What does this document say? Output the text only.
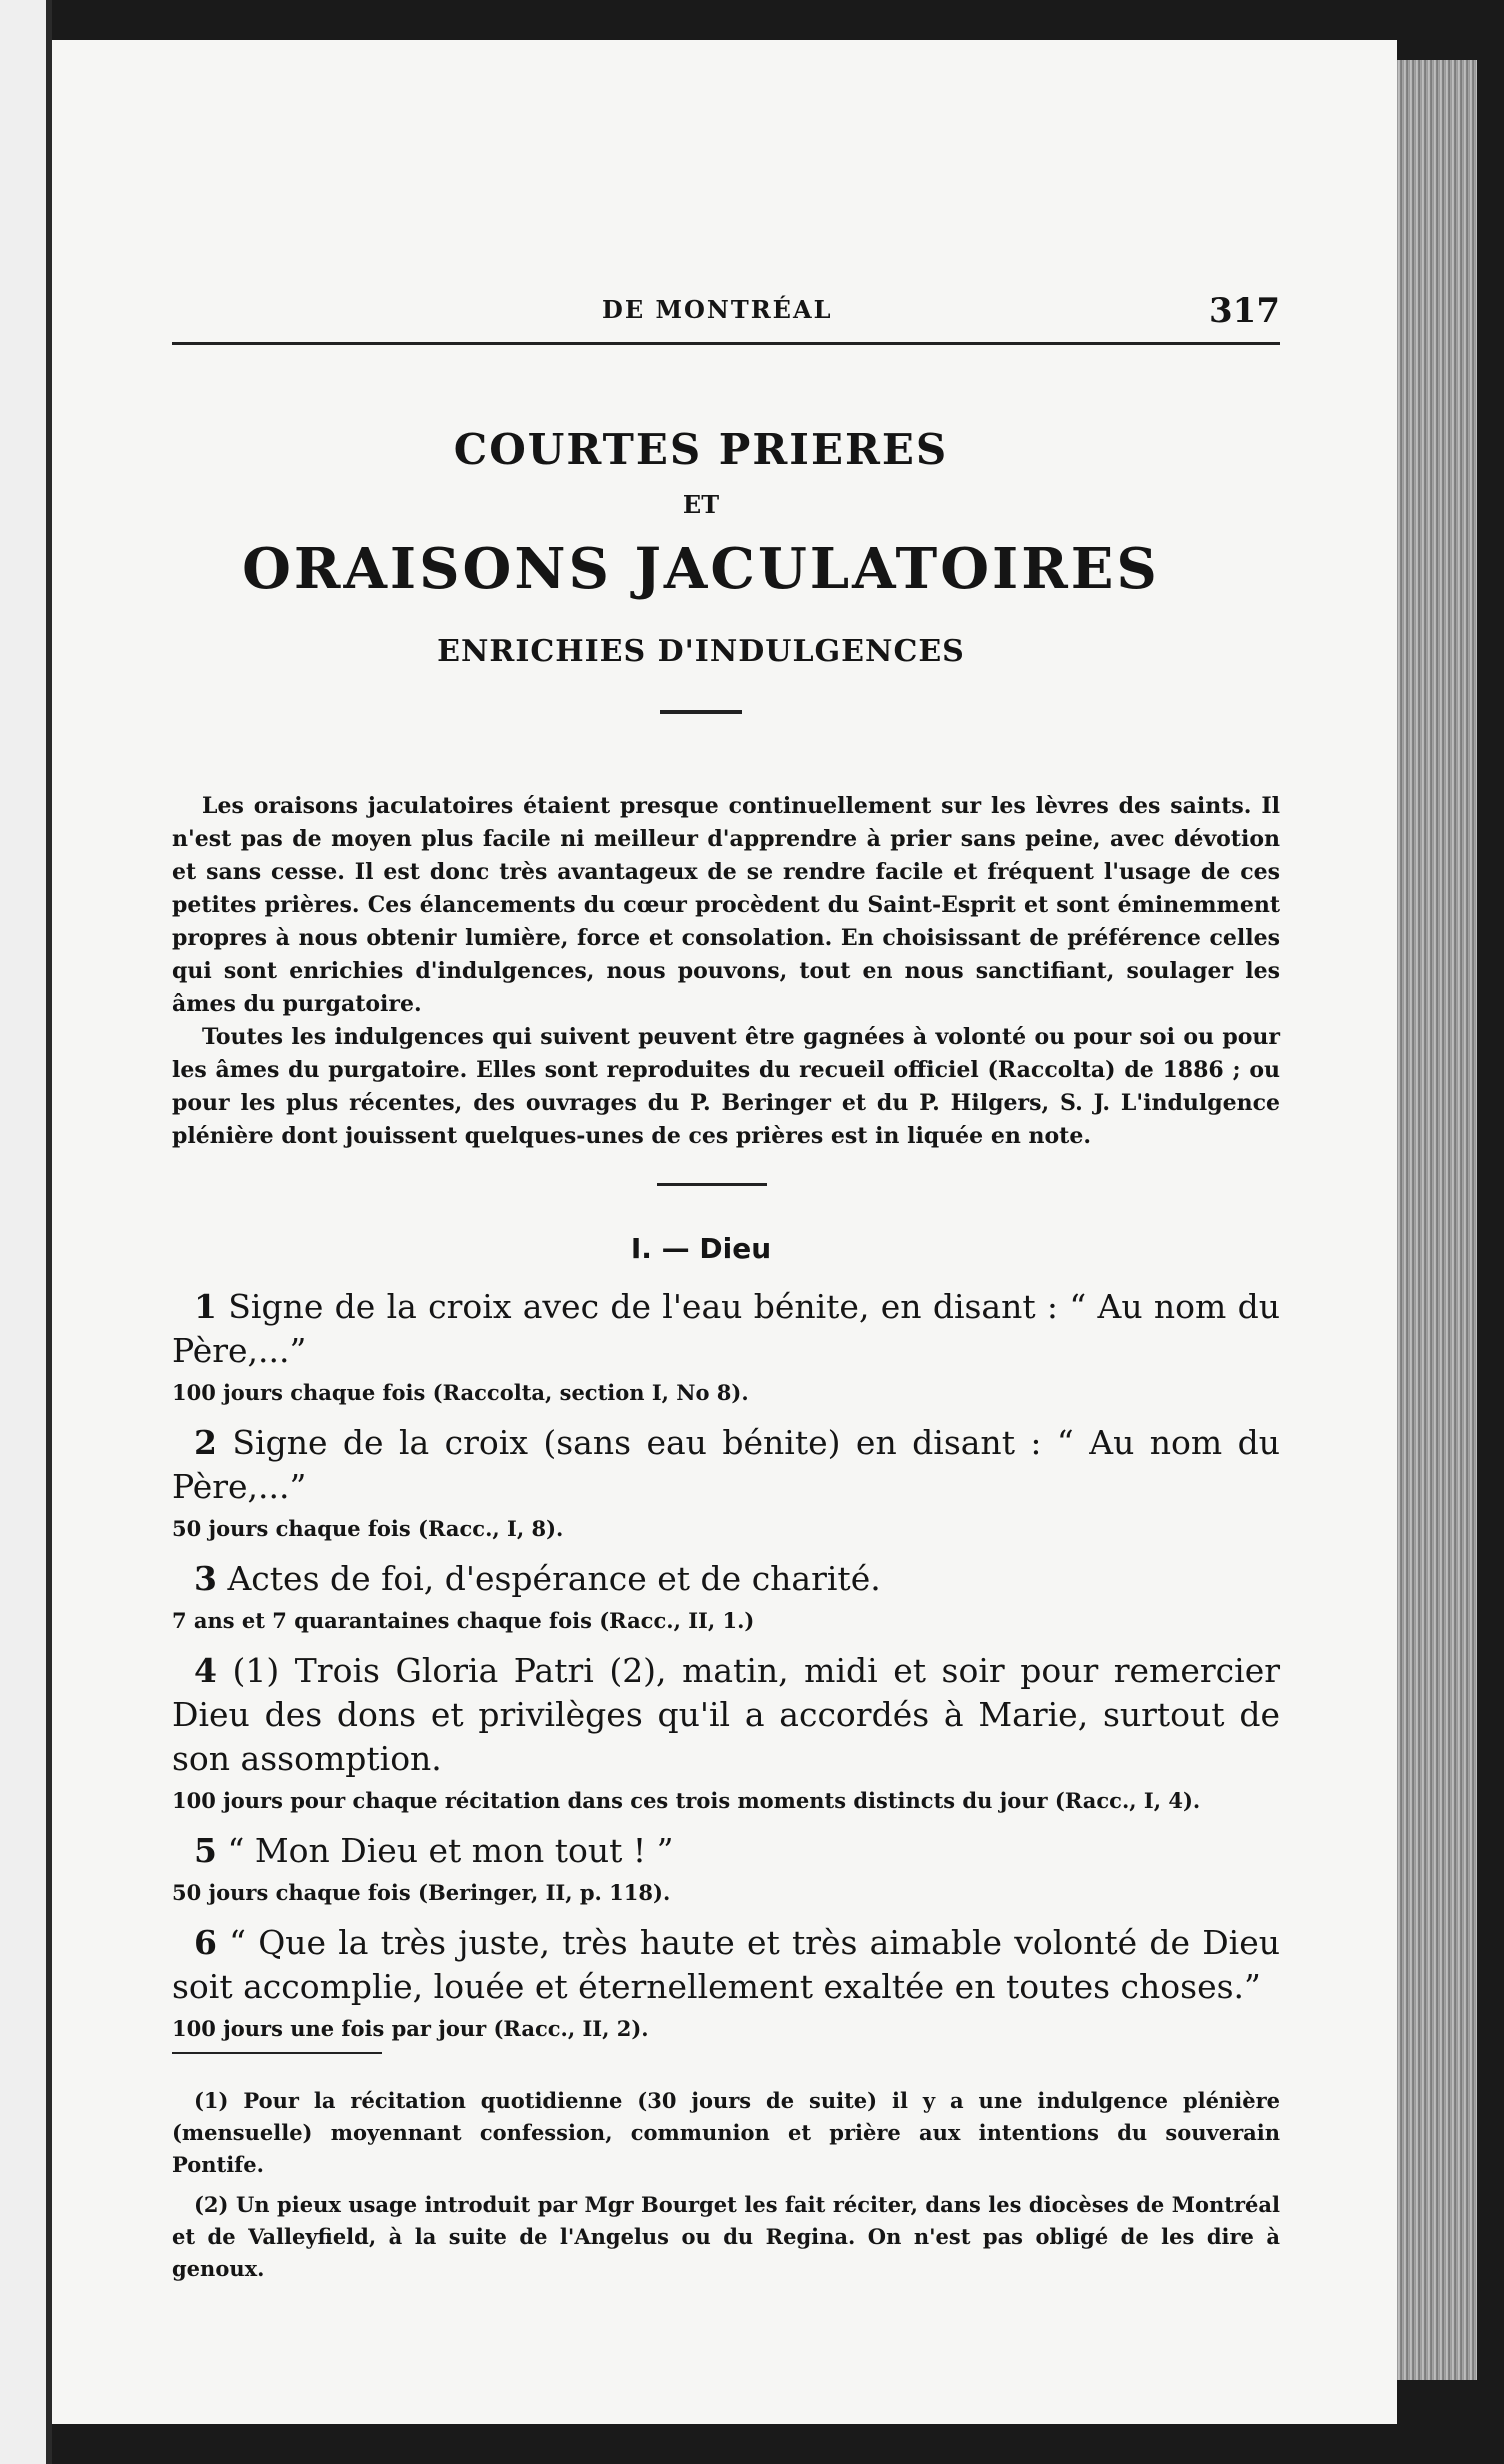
DE MONTRÉAL	317
COURTES PRIERES

ET

ORAISONS JACULATOIRES

ENRICHIES D'INDULGENCES

Les oraisons jaculatoires étaient presque continuellement sur les lèvres des saints. Il n'est pas de moyen plus facile ni meilleur d'apprendre à prier sans peine, avec dévotion et sans cesse. Il est donc très avantageux de se rendre facile et fréquent l'usage de ces petites prières. Ces élancements du cœur procèdent du Saint-Esprit et sont éminemment propres à nous obtenir lumière, force et consolation. En choisissant de préférence celles qui sont enrichies d'indulgences, nous pouvons, tout en nous sanctifiant, soulager les âmes du purgatoire.

Toutes les indulgences qui suivent peuvent être gagnées à volonté ou pour soi ou pour les âmes du purgatoire. Elles sont reproduites du recueil officiel (Raccolta) de 1886 ; ou pour les plus récentes, des ouvrages du P. Beringer et du P. Hilgers, S. J. L'indulgence plénière dont jouissent quelques-unes de ces prières est in liquée en note.

I. — Dieu

1 Signe de la croix avec de l'eau bénite, en disant : “ Au nom du Père,...”

100 jours chaque fois (Raccolta, section I, No 8).

2 Signe de la croix (sans eau bénite) en disant : “ Au nom du Père,...”

50 jours chaque fois (Racc., I, 8).

3 Actes de foi, d'espérance et de charité.

7 ans et 7 quarantaines chaque fois (Racc., II, 1.)

4 (1) Trois Gloria Patri (2), matin, midi et soir pour remercier Dieu des dons et privilèges qu'il a accordés à Marie, surtout de son assomption.

100 jours pour chaque récitation dans ces trois moments distincts du jour (Racc., I, 4).

5 “ Mon Dieu et mon tout ! ”

50 jours chaque fois (Beringer, II, p. 118).

6 “ Que la très juste, très haute et très aimable volonté de Dieu soit accomplie, louée et éternellement exaltée en toutes choses.”

100 jours une fois par jour (Racc., II, 2).

(1) Pour la récitation quotidienne (30 jours de suite) il y a une indulgence plénière (mensuelle) moyennant confession, communion et prière aux intentions du souverain Pontife.

(2) Un pieux usage introduit par Mgr Bourget les fait réciter, dans les diocèses de Montréal et de Valleyfield, à la suite de l'Angelus ou du Regina. On n'est pas obligé de les dire à genoux.
